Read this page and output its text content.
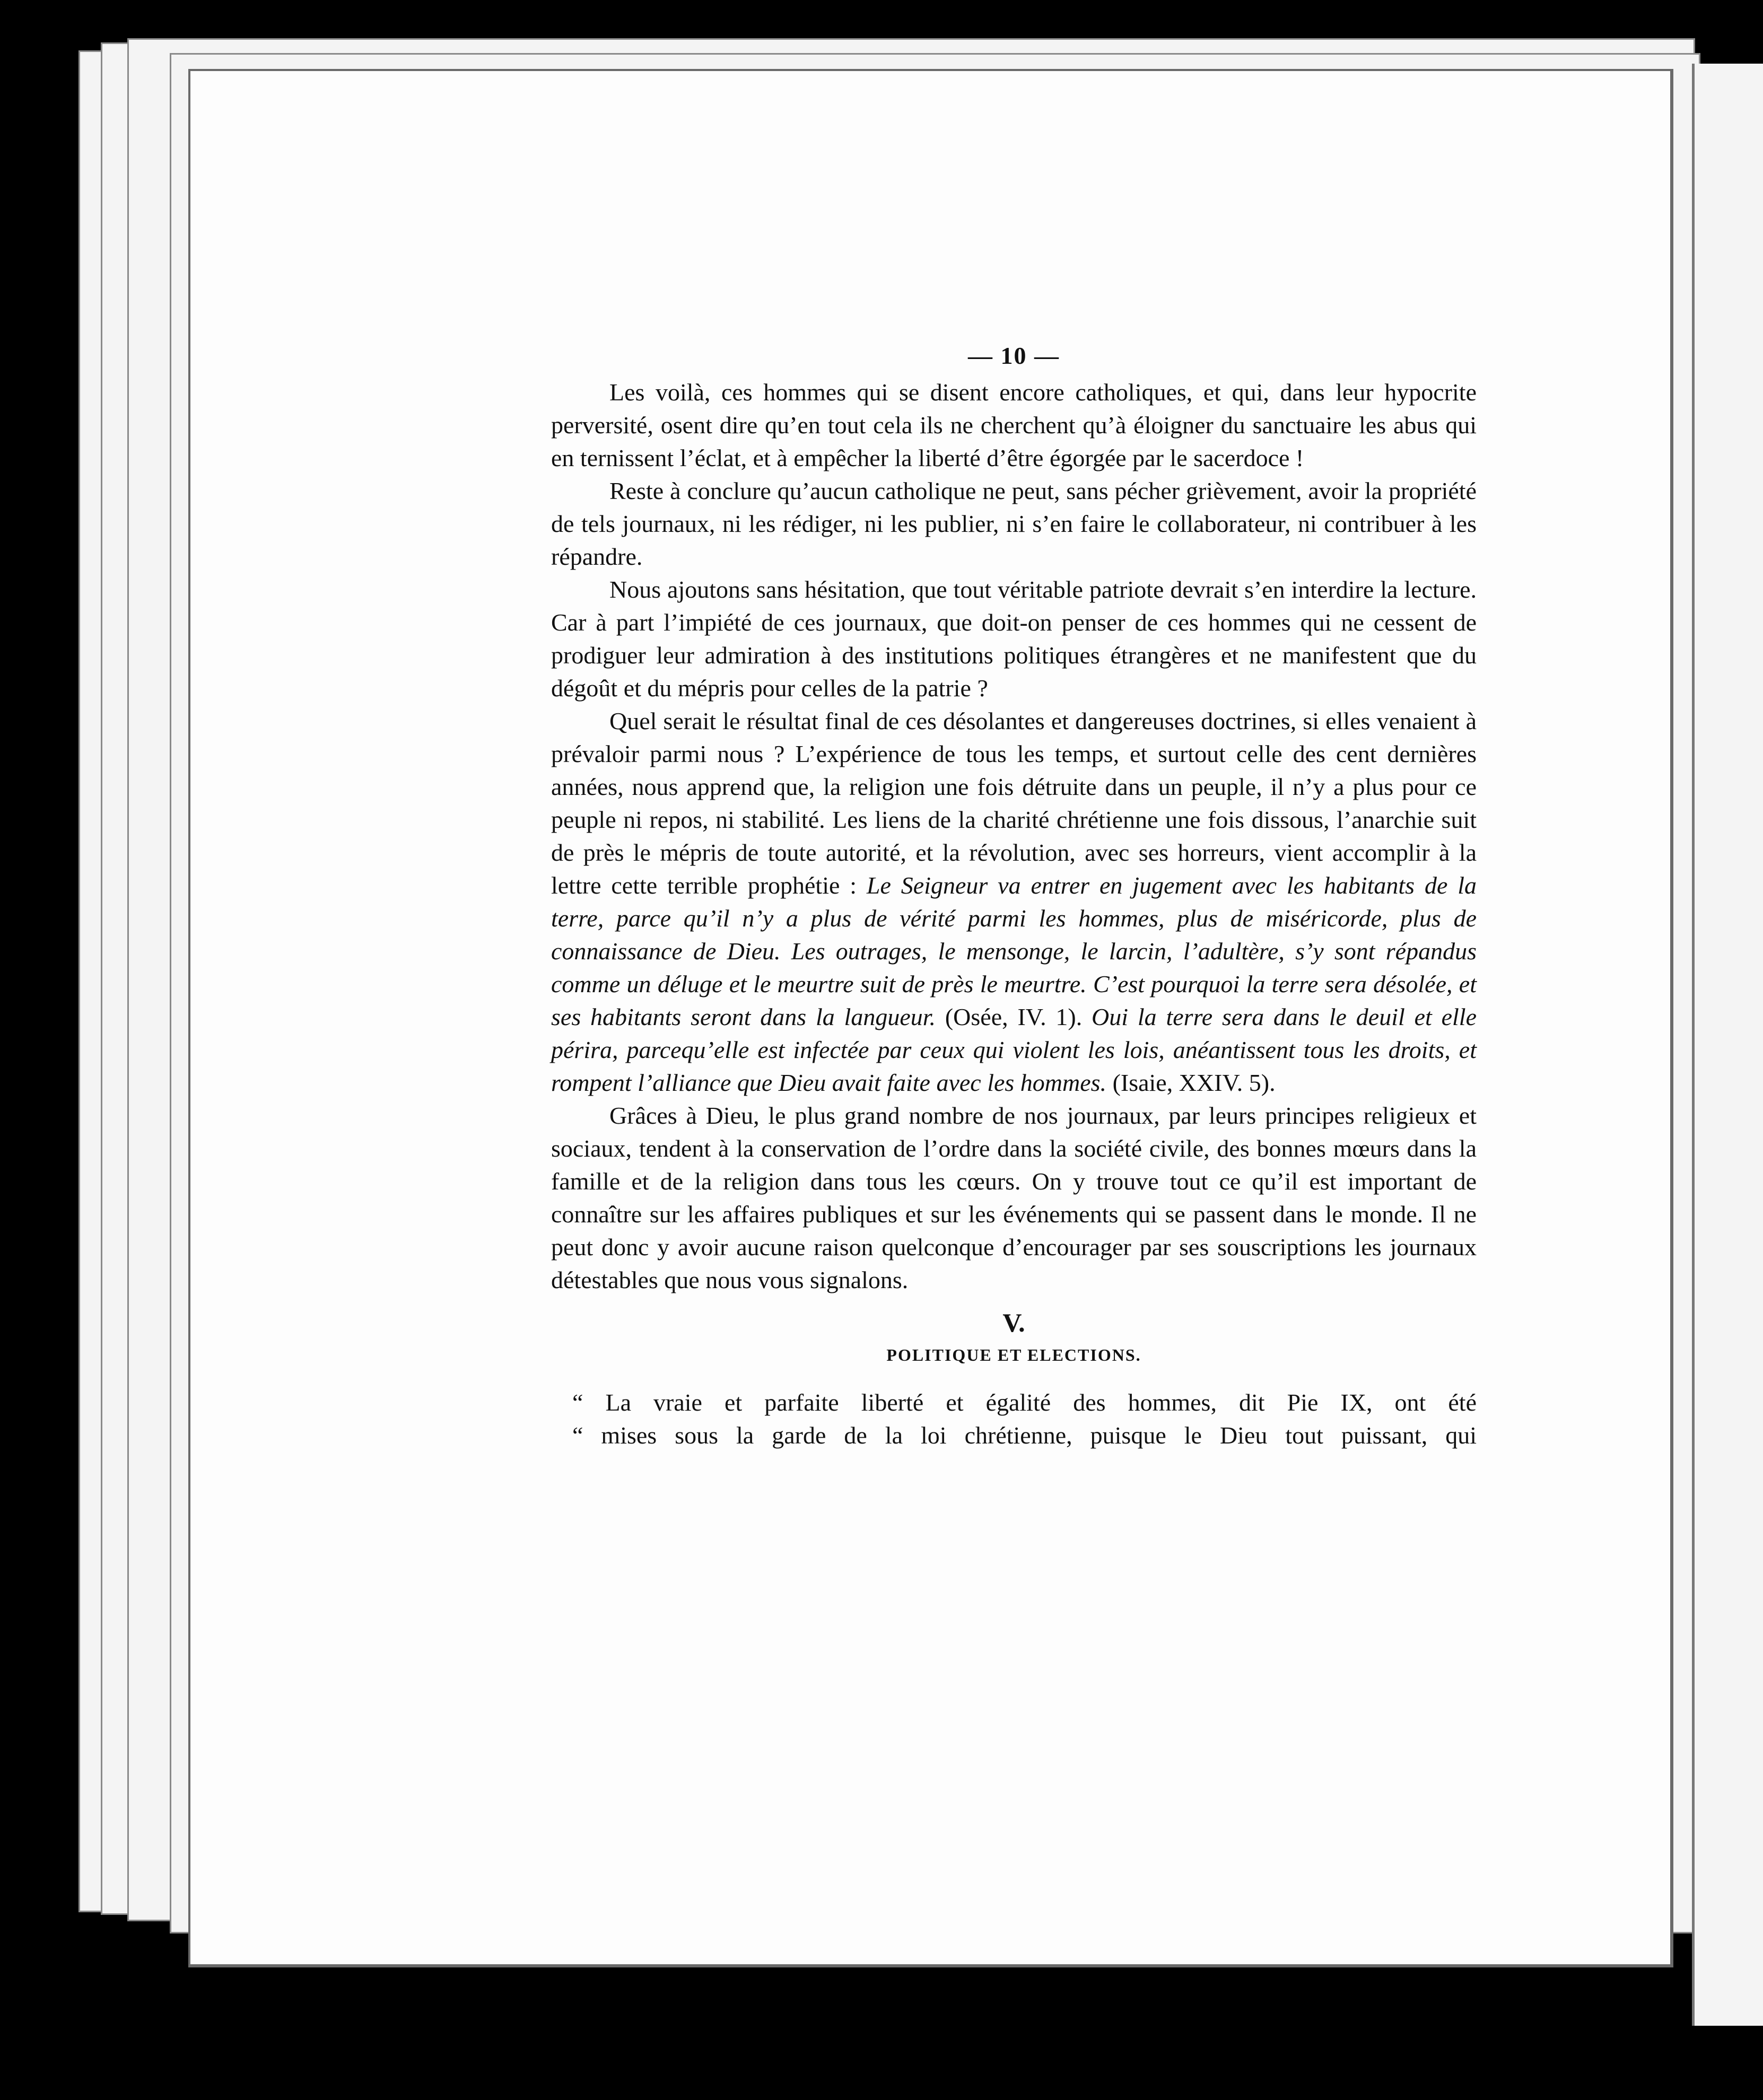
— 10 —

Les voilà, ces hommes qui se disent encore catholiques, et qui, dans leur hypocrite perversité, osent dire qu’en tout cela ils ne cherchent qu’à éloigner du sanctuaire les abus qui en ternissent l’éclat, et à empêcher la liberté d’être égorgée par le sacerdoce !

Reste à conclure qu’aucun catholique ne peut, sans pécher grièvement, avoir la propriété de tels journaux, ni les rédiger, ni les publier, ni s’en faire le collaborateur, ni contribuer à les répandre.

Nous ajoutons sans hésitation, que tout véritable patriote devrait s’en interdire la lecture. Car à part l’impiété de ces journaux, que doit-on penser de ces hommes qui ne cessent de prodiguer leur admiration à des institutions politiques étrangères et ne manifestent que du dégoût et du mépris pour celles de la patrie ?

Quel serait le résultat final de ces désolantes et dangereuses doctrines, si elles venaient à prévaloir parmi nous ? L’expérience de tous les temps, et surtout celle des cent dernières années, nous apprend que, la religion une fois détruite dans un peuple, il n’y a plus pour ce peuple ni repos, ni stabilité. Les liens de la charité chrétienne une fois dissous, l’anarchie suit de près le mépris de toute autorité, et la révolution, avec ses horreurs, vient accomplir à la lettre cette terrible prophétie : Le Seigneur va entrer en jugement avec les habitants de la terre, parce qu’il n’y a plus de vérité parmi les hommes, plus de miséricorde, plus de connaissance de Dieu. Les outrages, le mensonge, le larcin, l’adultère, s’y sont répandus comme un déluge et le meurtre suit de près le meurtre. C’est pourquoi la terre sera désolée, et ses habitants seront dans la langueur. (Osée, IV. 1). Oui la terre sera dans le deuil et elle périra, parcequ’elle est infectée par ceux qui violent les lois, anéantissent tous les droits, et rompent l’alliance que Dieu avait faite avec les hommes. (Isaie, XXIV. 5).

Grâces à Dieu, le plus grand nombre de nos journaux, par leurs principes religieux et sociaux, tendent à la conservation de l’ordre dans la société civile, des bonnes mœurs dans la famille et de la religion dans tous les cœurs. On y trouve tout ce qu’il est important de connaître sur les affaires publiques et sur les événements qui se passent dans le monde. Il ne peut donc y avoir aucune raison quelconque d’encourager par ses souscriptions les journaux détestables que nous vous signalons.

V.
POLITIQUE ET ELECTIONS.

“ La vraie et parfaite liberté et égalité des hommes, dit Pie IX, ont été

“ mises sous la garde de la loi chrétienne, puisque le Dieu tout puissant, qui
